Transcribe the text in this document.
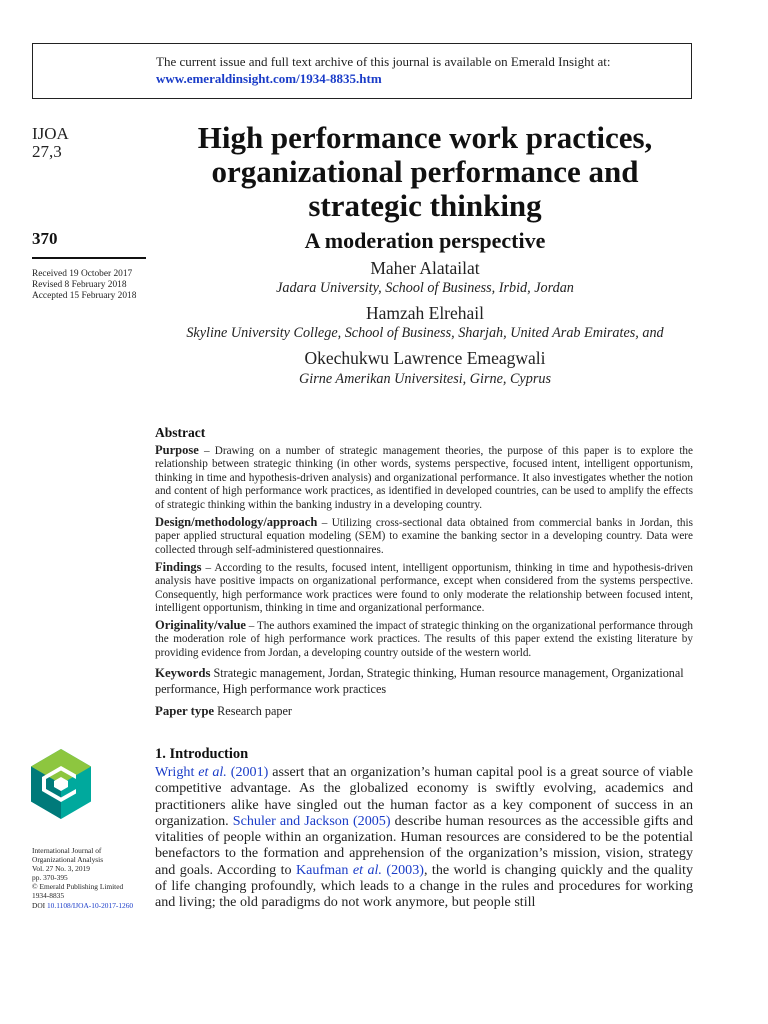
The current issue and full text archive of this journal is available on Emerald Insight at:
www.emeraldinsight.com/1934-8835.htm
IJOA
27,3
370
Received 19 October 2017
Revised 8 February 2018
Accepted 15 February 2018
High performance work practices,
organizational performance and
strategic thinking
A moderation perspective
Maher Alatailat
Jadara University, School of Business, Irbid, Jordan
Hamzah Elrehail
Skyline University College, School of Business, Sharjah, United Arab Emirates, and
Okechukwu Lawrence Emeagwali
Girne Amerikan Universitesi, Girne, Cyprus
Abstract
Purpose – Drawing on a number of strategic management theories, the purpose of this paper is to explore the relationship between strategic thinking (in other words, systems perspective, focused intent, intelligent opportunism, thinking in time and hypothesis-driven analysis) and organizational performance. It also investigates whether the notion and content of high performance work practices, as identified in developed countries, can be used to amplify the effects of strategic thinking within the banking industry in a developing country.
Design/methodology/approach – Utilizing cross-sectional data obtained from commercial banks in Jordan, this paper applied structural equation modeling (SEM) to examine the banking sector in a developing country. Data were collected through self-administered questionnaires.
Findings – According to the results, focused intent, intelligent opportunism, thinking in time and hypothesis-driven analysis have positive impacts on organizational performance, except when considered from the systems perspective. Consequently, high performance work practices were found to only moderate the relationship between focused intent, intelligent opportunism, thinking in time and organizational performance.
Originality/value – The authors examined the impact of strategic thinking on the organizational performance through the moderation role of high performance work practices. The results of this paper extend the existing literature by providing evidence from Jordan, a developing country outside of the western world.
Keywords Strategic management, Jordan, Strategic thinking, Human resource management, Organizational performance, High performance work practices
Paper type Research paper
1. Introduction
Wright et al. (2001) assert that an organization’s human capital pool is a great source of viable competitive advantage. As the globalized economy is swiftly evolving, academics and practitioners alike have singled out the human factor as a key component of success in an organization. Schuler and Jackson (2005) describe human resources as the accessible gifts and vitalities of people within an organization. Human resources are considered to be the potential benefactors to the formation and apprehension of the organization’s mission, vision, strategy and goals. According to Kaufman et al. (2003), the world is changing quickly and the quality of life changing profoundly, which leads to a change in the rules and procedures for working and living; the old paradigms do not work anymore, but people still
International Journal of
Organizational Analysis
Vol. 27 No. 3, 2019
pp. 370-395
© Emerald Publishing Limited
1934-8835
DOI 10.1108/IJOA-10-2017-1260
